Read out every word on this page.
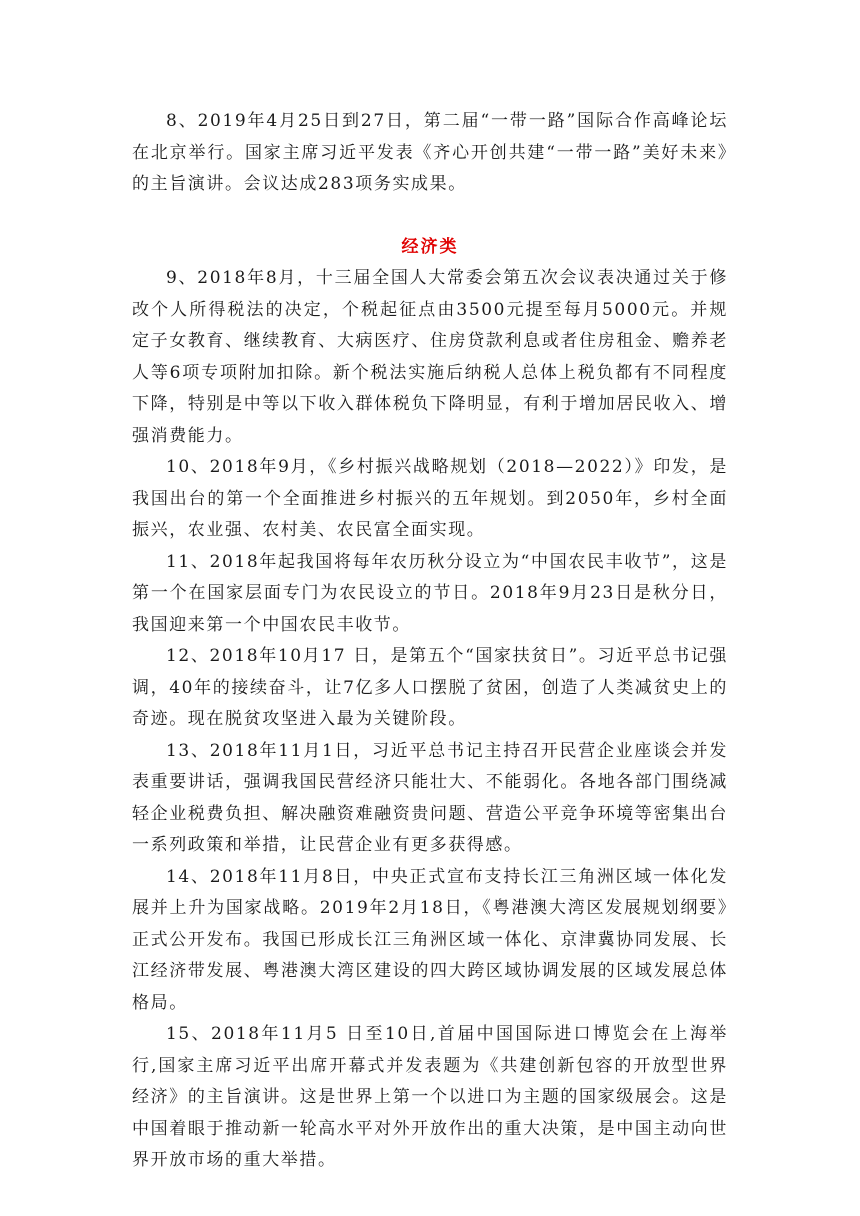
8、2019年4月25日到27日，第二届“一带一路”国际合作高峰论坛在北京举行。国家主席习近平发表《齐心开创共建“一带一路”美好未来》的主旨演讲。会议达成283项务实成果。

经济类

9、2018年8月，十三届全国人大常委会第五次会议表决通过关于修改个人所得税法的决定，个税起征点由3500元提至每月5000元。并规定子女教育、继续教育、大病医疗、住房贷款利息或者住房租金、赡养老人等6项专项附加扣除。新个税法实施后纳税人总体上税负都有不同程度下降，特别是中等以下收入群体税负下降明显，有利于增加居民收入、增强消费能力。

10、2018年9月，《乡村振兴战略规划（2018—2022）》印发，是我国出台的第一个全面推进乡村振兴的五年规划。到2050年，乡村全面振兴，农业强、农村美、农民富全面实现。

11、2018年起我国将每年农历秋分设立为“中国农民丰收节”，这是第一个在国家层面专门为农民设立的节日。2018年9月23日是秋分日，我国迎来第一个中国农民丰收节。

12、2018年10月17 日，是第五个“国家扶贫日”。习近平总书记强调，40年的接续奋斗，让7亿多人口摆脱了贫困，创造了人类减贫史上的奇迹。现在脱贫攻坚进入最为关键阶段。

13、2018年11月1日，习近平总书记主持召开民营企业座谈会并发表重要讲话，强调我国民营经济只能壮大、不能弱化。各地各部门围绕减轻企业税费负担、解决融资难融资贵问题、营造公平竞争环境等密集出台一系列政策和举措，让民营企业有更多获得感。

14、2018年11月8日，中央正式宣布支持长江三角洲区域一体化发展并上升为国家战略。2019年2月18日，《粤港澳大湾区发展规划纲要》正式公开发布。我国已形成长江三角洲区域一体化、京津冀协同发展、长江经济带发展、粤港澳大湾区建设的四大跨区域协调发展的区域发展总体格局。

15、2018年11月5 日至10日,首届中国国际进口博览会在上海举行,国家主席习近平出席开幕式并发表题为《共建创新包容的开放型世界经济》的主旨演讲。这是世界上第一个以进口为主题的国家级展会。这是中国着眼于推动新一轮高水平对外开放作出的重大决策，是中国主动向世界开放市场的重大举措。
